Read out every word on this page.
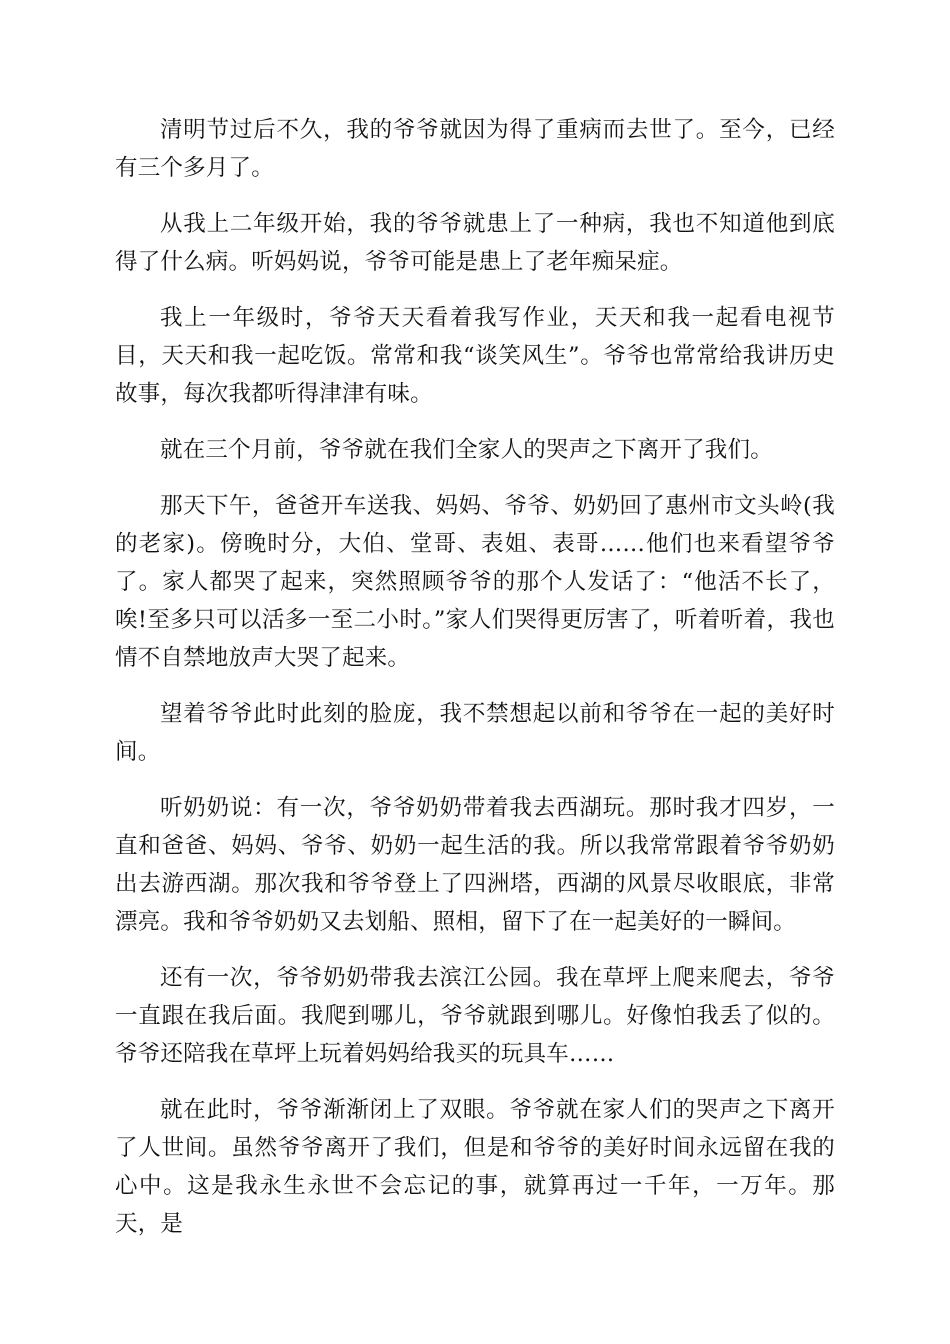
清明节过后不久，我的爷爷就因为得了重病而去世了。至今，已经有三个多月了。

从我上二年级开始，我的爷爷就患上了一种病，我也不知道他到底得了什么病。听妈妈说，爷爷可能是患上了老年痴呆症。

我上一年级时，爷爷天天看着我写作业，天天和我一起看电视节目，天天和我一起吃饭。常常和我“谈笑风生”。爷爷也常常给我讲历史故事，每次我都听得津津有味。

就在三个月前，爷爷就在我们全家人的哭声之下离开了我们。

那天下午，爸爸开车送我、妈妈、爷爷、奶奶回了惠州市文头岭(我的老家)。傍晚时分，大伯、堂哥、表姐、表哥……他们也来看望爷爷了。家人都哭了起来，突然照顾爷爷的那个人发话了：“他活不长了，唉!至多只可以活多一至二小时。”家人们哭得更厉害了，听着听着，我也情不自禁地放声大哭了起来。

望着爷爷此时此刻的脸庞，我不禁想起以前和爷爷在一起的美好时间。

听奶奶说：有一次，爷爷奶奶带着我去西湖玩。那时我才四岁，一直和爸爸、妈妈、爷爷、奶奶一起生活的我。所以我常常跟着爷爷奶奶出去游西湖。那次我和爷爷登上了四洲塔，西湖的风景尽收眼底，非常漂亮。我和爷爷奶奶又去划船、照相，留下了在一起美好的一瞬间。

还有一次，爷爷奶奶带我去滨江公园。我在草坪上爬来爬去，爷爷一直跟在我后面。我爬到哪儿，爷爷就跟到哪儿。好像怕我丢了似的。爷爷还陪我在草坪上玩着妈妈给我买的玩具车……

就在此时，爷爷渐渐闭上了双眼。爷爷就在家人们的哭声之下离开了人世间。虽然爷爷离开了我们，但是和爷爷的美好时间永远留在我的心中。这是我永生永世不会忘记的事，就算再过一千年，一万年。那天，是
